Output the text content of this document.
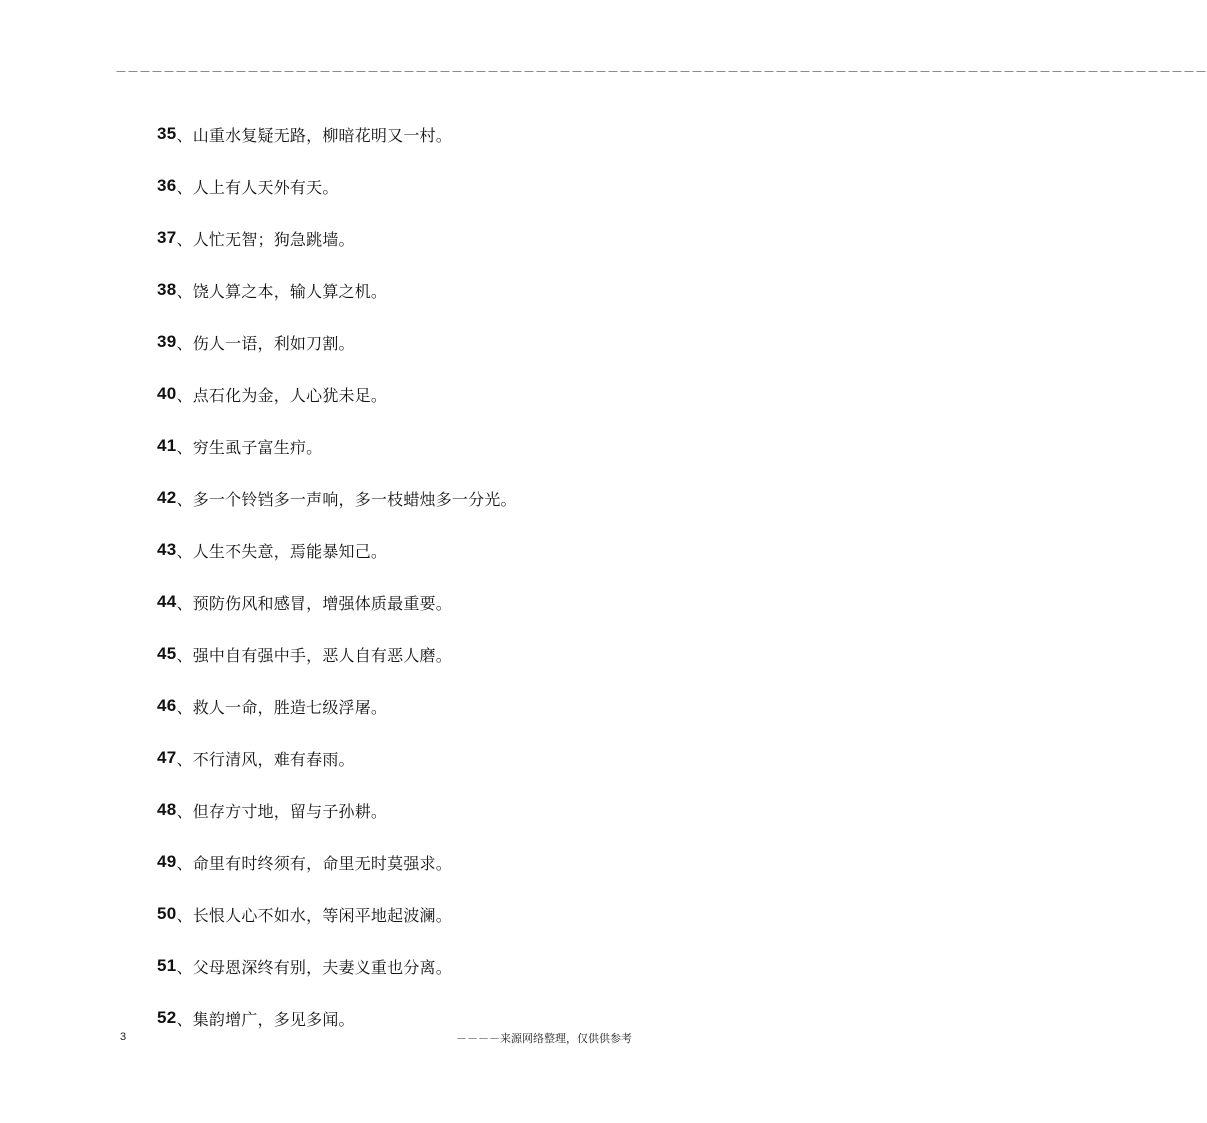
－－－－－－－－－－－－－－－－－－－－－－－－－－－－－－－－－－－－－－－－－－－－－－－－－－－－－－－－－－－－－－－－－－－－－－－－－－－－－－－－－－－－－－－－－－－
35 、 山重水复疑无路，柳暗花明又一村。
36 、 人上有人天外有天。
37 、 人忙无智；狗急跳墙。
38 、 饶人算之本，输人算之机。
39 、 伤人一语，利如刀割。
40 、 点石化为金，人心犹未足。
41 、 穷生虱子富生疖。
42 、 多一个铃铛多一声响，多一枝蜡烛多一分光。
43 、 人生不失意，焉能暴知己。
44 、 预防伤风和感冒，增强体质最重要。
45 、 强中自有强中手，恶人自有恶人磨。
46 、 救人一命，胜造七级浮屠。
47 、 不行清风，难有春雨。
48 、 但存方寸地，留与子孙耕。
49 、 命里有时终须有，命里无时莫强求。
50 、 长恨人心不如水，等闲平地起波澜。
51 、 父母恩深终有别，夫妻义重也分离。
52 、 集韵增广，多见多闻。
3	－－－－来源网络整理，仅供供参考
